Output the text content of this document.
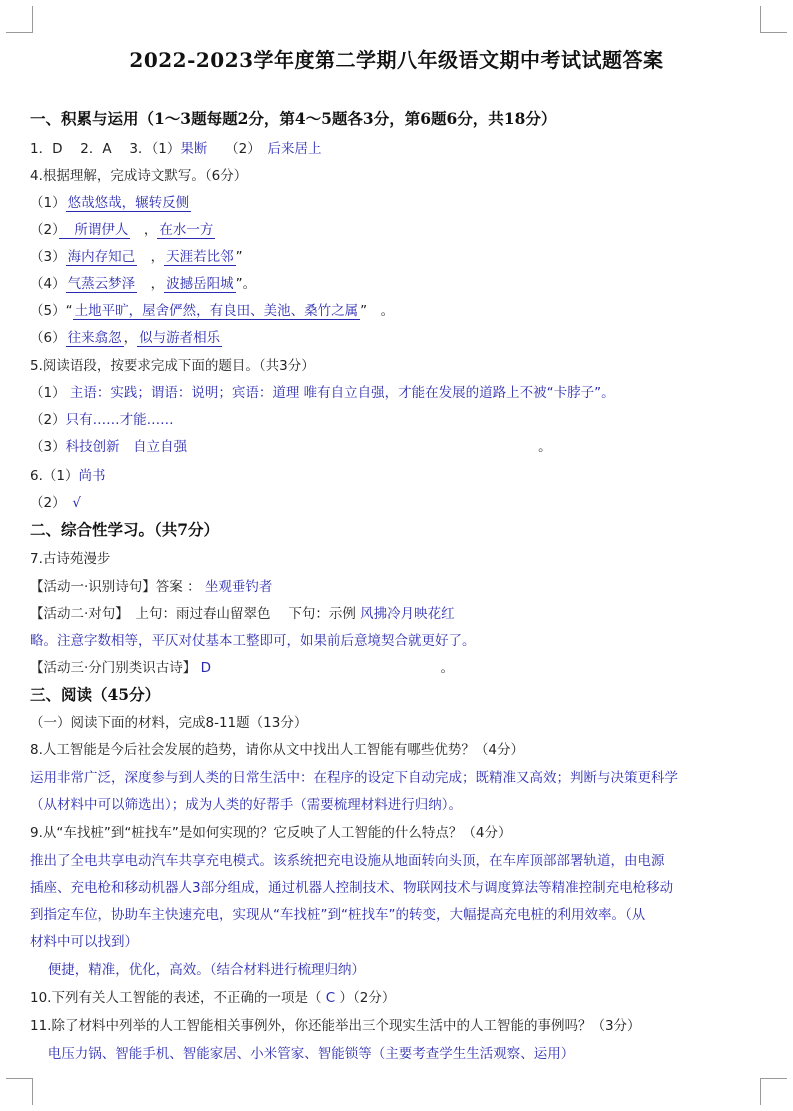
2022-2023学年度第二学期八年级语文期中考试试题答案
一、积累与运用（1～3题每题2分，第4～5题各3分，第6题6分，共18分）
1．D　 2．A　 3．（1）果断　 （2）　后来居上
4.根据理解，完成诗文默写。（6分）
（1） 悠哉悠哉，辗转反侧
（2）　所谓伊人　， 在水一方
（3） 海内存知己　， 天涯若比邻 ”
（4） 气蒸云梦泽　， 波撼岳阳城 ”。
（5）“ 土地平旷，屋舍俨然，有良田、美池、桑竹之属 ”　。
（6） 往来翕忽 ， 似与游者相乐
5.阅读语段，按要求完成下面的题目。（共3分）
（1） 主语：实践；谓语：说明；宾语：道理 唯有自立自强，才能在发展的道路上不被“卡脖子”。
（2）只有……才能……
（3）科技创新　自立自强　　　　　　　　　　　　　　　　　　　　　　　　　　。
6.（1）尚书
（2）　√
二、综合性学习。（共7分）
7.古诗苑漫步
【活动一·识别诗句】答案 ： 坐观垂钓者
【活动二·对句】　上句：雨过春山留翠色　 下句：示例 风拂冷月映花红
略。注意字数相等，平仄对仗基本工整即可，如果前后意境契合就更好了。
【活动三·分门别类识古诗】 D　　　　　　　　　　　　　　　　　。
三、阅读（45分）
（一）阅读下面的材料，完成8-11题（13分）
8.人工智能是今后社会发展的趋势，请你从文中找出人工智能有哪些优势？（4分）
运用非常广泛，深度参与到人类的日常生活中：在程序的设定下自动完成；既精准又高效；判断与决策更科学
（从材料中可以筛选出）；成为人类的好帮手（需要梳理材料进行归纳）。
9.从“车找桩”到“桩找车”是如何实现的？它反映了人工智能的什么特点？（4分）
推出了全电共享电动汽车共享充电模式。该系统把充电设施从地面转向头顶，在车库顶部部署轨道，由电源
插座、充电枪和移动机器人3部分组成，通过机器人控制技术、物联网技术与调度算法等精准控制充电枪移动
到指定车位，协助车主快速充电，实现从“车找桩”到“桩找车”的转变，大幅提高充电桩的利用效率。（从
材料中可以找到）
　 便捷，精准，优化，高效。（结合材料进行梳理归纳）
10.下列有关人工智能的表述，不正确的一项是（ C ）（2分）
11.除了材料中列举的人工智能相关事例外，你还能举出三个现实生活中的人工智能的事例吗？（3分）
　 电压力锅、智能手机、智能家居、小米管家、智能锁等（主要考查学生生活观察、运用）
